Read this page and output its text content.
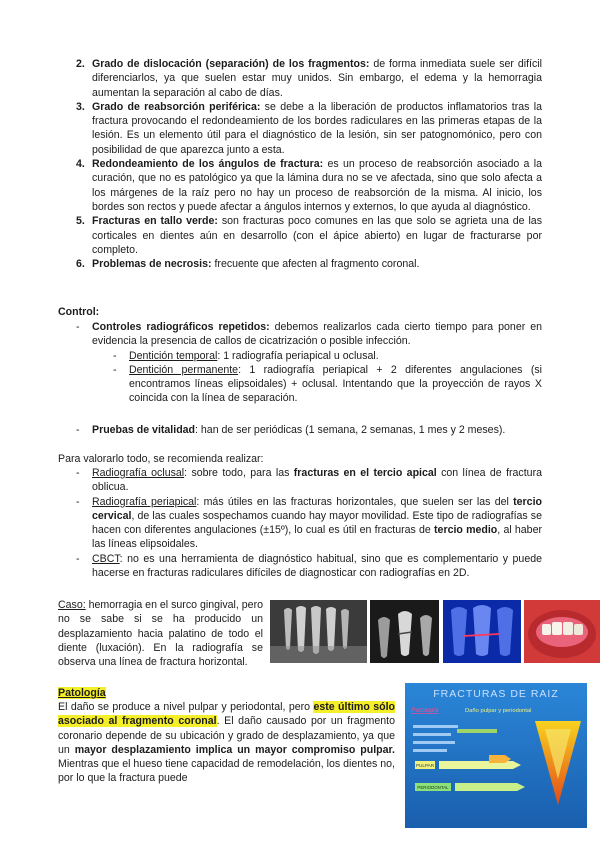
2. Grado de dislocación (separación) de los fragmentos: de forma inmediata suele ser difícil diferenciarlos, ya que suelen estar muy unidos. Sin embargo, el edema y la hemorragia aumentan la separación al cabo de días.

3. Grado de reabsorción periférica: se debe a la liberación de productos inflamatorios tras la fractura provocando el redondeamiento de los bordes radiculares en las primeras etapas de la lesión. Es un elemento útil para el diagnóstico de la lesión, sin ser patognomónico, pero con posibilidad de que aparezca junto a esta.

4. Redondeamiento de los ángulos de fractura: es un proceso de reabsorción asociado a la curación, que no es patológico ya que la lámina dura no se ve afectada, sino que solo afecta a los márgenes de la raíz pero no hay un proceso de reabsorción de la misma. Al inicio, los bordes son rectos y puede afectar a ángulos internos y externos, lo que ayuda al diagnóstico.

5. Fracturas en tallo verde: son fracturas poco comunes en las que solo se agrieta una de las corticales en dientes aún en desarrollo (con el ápice abierto) en lugar de fracturarse por completo.

6. Problemas de necrosis: frecuente que afecten al fragmento coronal.

Control:
- Controles radiográficos repetidos: debemos realizarlos cada cierto tiempo para poner en evidencia la presencia de callos de cicatrización o posible infección.
- Dentición temporal: 1 radiografía periapical u oclusal.
- Dentición permanente: 1 radiografía periapical + 2 diferentes angulaciones (si encontramos líneas elipsoidales) + oclusal. Intentando que la proyección de rayos X coincida con la línea de separación.
- Pruebas de vitalidad: han de ser periódicas (1 semana, 2 semanas, 1 mes y 2 meses).
Para valorarlo todo, se recomienda realizar:
- Radiografía oclusal: sobre todo, para las fracturas en el tercio apical con línea de fractura oblicua.
- Radiografía periapical: más útiles en las fracturas horizontales, que suelen ser las del tercio cervical, de las cuales sospechamos cuando hay mayor movilidad. Este tipo de radiografías se hacen con diferentes angulaciones (±15º), lo cual es útil en fracturas de tercio medio, al haber las líneas elipsoidales.
- CBCT: no es una herramienta de diagnóstico habitual, sino que es complementario y puede hacerse en fracturas radiculares difíciles de diagnosticar con radiografías en 2D.
Caso: hemorragia en el surco gingival, pero no se sabe si se ha producido un desplazamiento hacia palatino de todo el diente (luxación). En la radiografía se observa una línea de fractura horizontal.
Patología
El daño se produce a nivel pulpar y periodontal, pero este último sólo asociado al fragmento coronal. El daño causado por un fragmento coronario depende de su ubicación y grado de desplazamiento, ya que un mayor desplazamiento implica un mayor compromiso pulpar. Mientras que el hueso tiene capacidad de remodelación, los dientes no, por lo que la fractura puede
FRACTURAS DE RAIZ
Patología	Daño pulpar y periodontal
PULPAR
PERIODONTAL
